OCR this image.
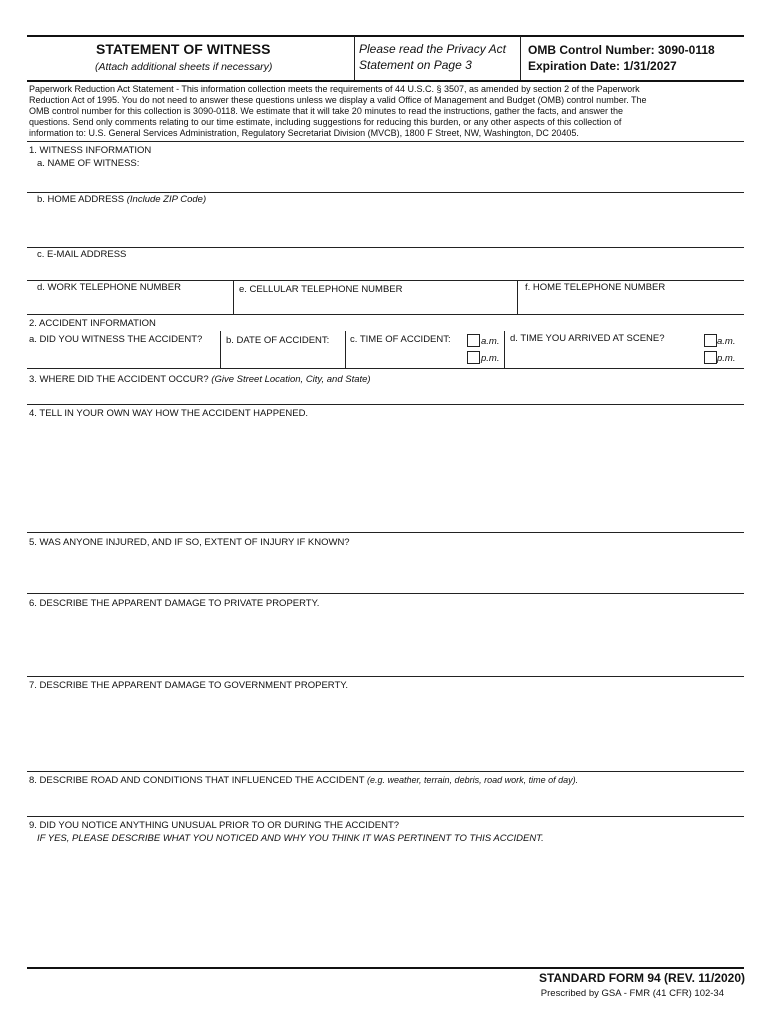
STATEMENT OF WITNESS
(Attach additional sheets if necessary)
Please read the Privacy Act
Statement on Page 3
OMB Control Number: 3090-0118
Expiration Date: 1/31/2027
Paperwork Reduction Act Statement - This information collection meets the requirements of 44 U.S.C. § 3507, as amended by section 2 of the Paperwork
Reduction Act of 1995. You do not need to answer these questions unless we display a valid Office of Management and Budget (OMB) control number. The
OMB control number for this collection is 3090-0118. We estimate that it will take 20 minutes to read the instructions, gather the facts, and answer the
questions. Send only comments relating to our time estimate, including suggestions for reducing this burden, or any other aspects of this collection of
information to: U.S. General Services Administration, Regulatory Secretariat Division (MVCB), 1800 F Street, NW, Washington, DC 20405.
1. WITNESS INFORMATION
a. NAME OF WITNESS:
b. HOME ADDRESS (Include ZIP Code)
c. E-MAIL ADDRESS
d. WORK TELEPHONE NUMBER	e. CELLULAR TELEPHONE NUMBER	f. HOME TELEPHONE NUMBER
2. ACCIDENT INFORMATION
a. DID YOU WITNESS THE ACCIDENT? b. DATE OF ACCIDENT: c. TIME OF ACCIDENT:	a.m.
p.m.
d. TIME YOU ARRIVED AT SCENE?	a.m.
p.m.
3. WHERE DID THE ACCIDENT OCCUR? (Give Street Location, City, and State)
4. TELL IN YOUR OWN WAY HOW THE ACCIDENT HAPPENED.
5. WAS ANYONE INJURED, AND IF SO, EXTENT OF INJURY IF KNOWN?
6. DESCRIBE THE APPARENT DAMAGE TO PRIVATE PROPERTY.
7. DESCRIBE THE APPARENT DAMAGE TO GOVERNMENT PROPERTY.
8. DESCRIBE ROAD AND CONDITIONS THAT INFLUENCED THE ACCIDENT (e.g. weather, terrain, debris, road work, time of day).
9. DID YOU NOTICE ANYTHING UNUSUAL PRIOR TO OR DURING THE ACCIDENT?
IF YES, PLEASE DESCRIBE WHAT YOU NOTICED AND WHY YOU THINK IT WAS PERTINENT TO THIS ACCIDENT.
STANDARD FORM 94 (REV. 11/2020)
Prescribed by GSA - FMR (41 CFR) 102-34
